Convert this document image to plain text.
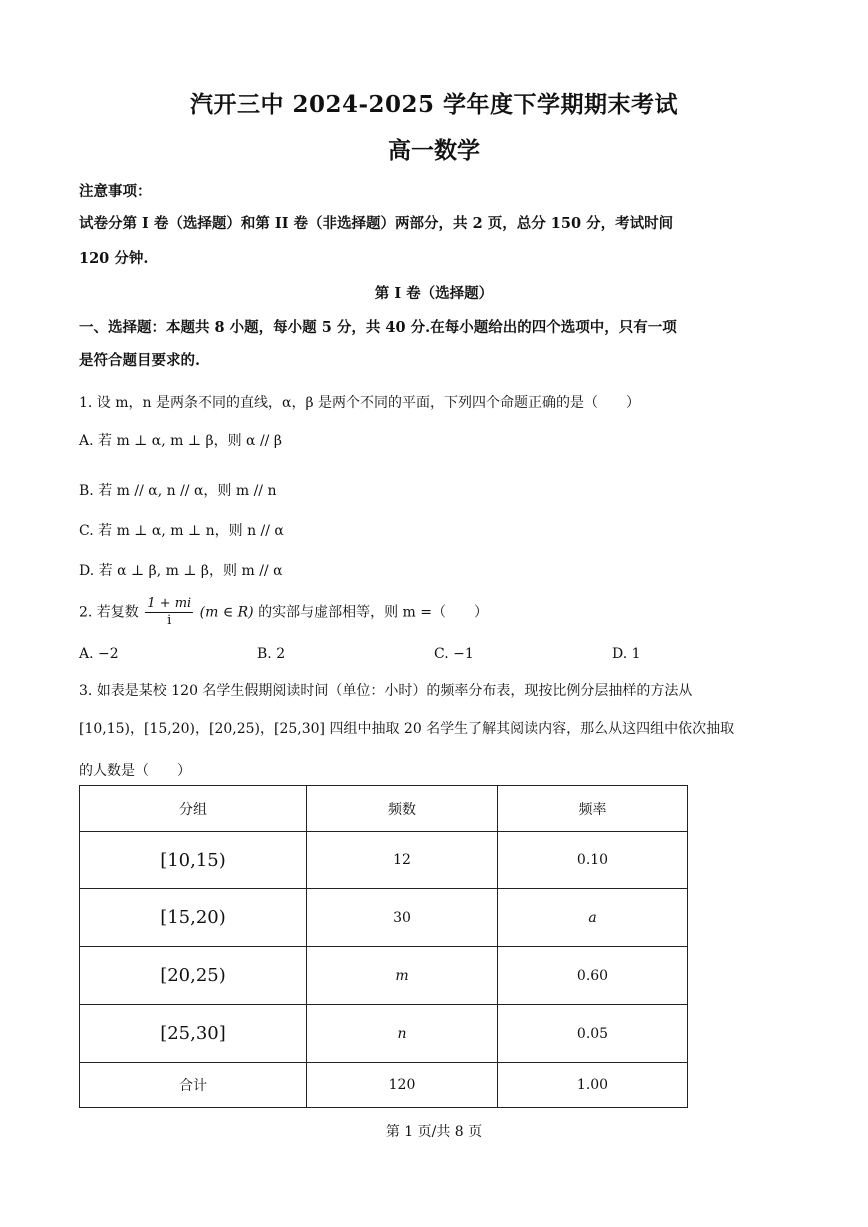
汽开三中 2024-2025 学年度下学期期末考试
高一数学
注意事项：
试卷分第 I 卷（选择题）和第 II 卷（非选择题）两部分，共 2 页，总分 150 分，考试时间
120 分钟.
第 I 卷（选择题）
一、选择题：本题共 8 小题，每小题 5 分，共 40 分.在每小题给出的四个选项中，只有一项
是符合题目要求的.
1. 设 m，n 是两条不同的直线，α，β 是两个不同的平面，下列四个命题正确的是（　　）
A. 若 m ⊥ α, m ⊥ β，则 α // β
B. 若 m // α, n // α，则 m // n
C. 若 m ⊥ α, m ⊥ n，则 n // α
D. 若 α ⊥ β, m ⊥ β，则 m // α
2. 若复数 $\frac{1 + mi}{i} (m$ ∈ R) 的实部与虚部相等，则 m =（　　）
A. −2	B. 2	C. −1	D. 1
3. 如表是某校 120 名学生假期阅读时间（单位：小时）的频率分布表，现按比例分层抽样的方法从
[10,15)，[15,20)，[20,25)，[25,30] 四组中抽取 20 名学生了解其阅读内容，那么从这四组中依次抽取
的人数是（　　）
分组	频数	频率
[10,15)	12	0.10
[15,20)	30	a
[20,25)	m	0.60
[25,30]	n	0.05
合计	120	1.00
第 1 页/共 8 页
